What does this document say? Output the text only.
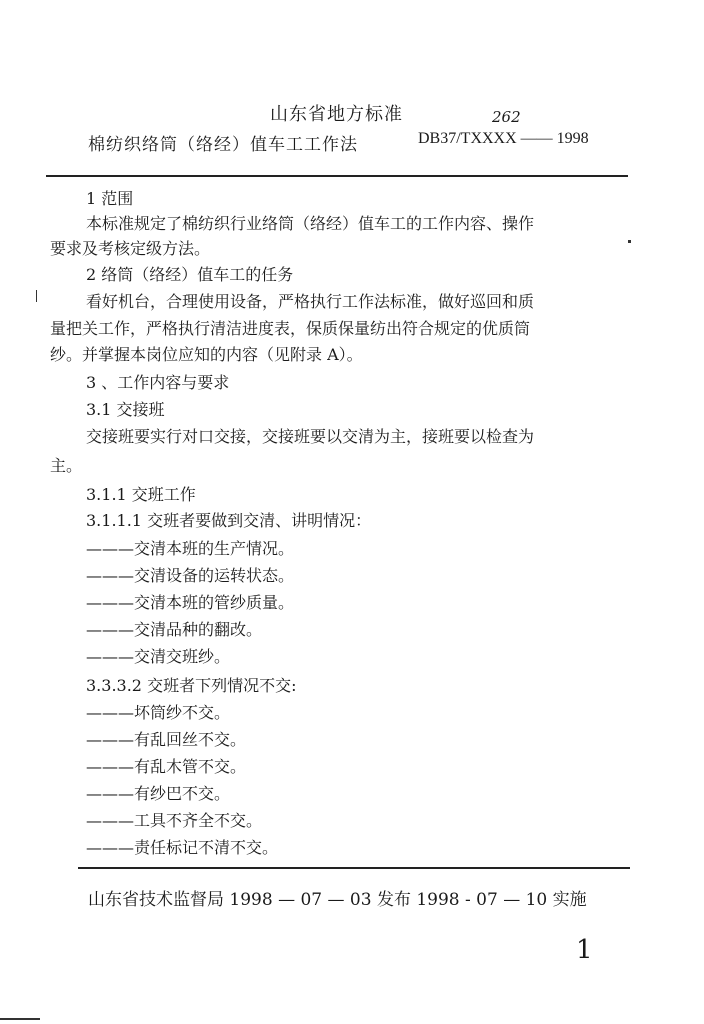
山东省地方标准	262
棉纺织络筒（络经）值车工工作法	DB37/TXXXX —— 1998
1 范围
本标准规定了棉纺织行业络筒（络经）值车工的工作内容、操作
要求及考核定级方法。
2 络筒（络经）值车工的任务
看好机台，合理使用设备，严格执行工作法标准，做好巡回和质
量把关工作，严格执行清洁进度表，保质保量纺出符合规定的优质筒
纱。并掌握本岗位应知的内容（见附录 A）。
3 、工作内容与要求
3.1 交接班
交接班要实行对口交接，交接班要以交清为主，接班要以检查为
主。
3.1.1 交班工作
3.1.1.1 交班者要做到交清、讲明情况：
———交清本班的生产情况。
———交清设备的运转状态。
———交清本班的管纱质量。
———交清品种的翻改。
———交清交班纱。
3.3.3.2 交班者下列情况不交:
———坏筒纱不交。
———有乱回丝不交。
———有乱木管不交。
———有纱巴不交。
———工具不齐全不交。
———责任标记不清不交。
山东省技术监督局 1998 — 07 — 03 发布 1998 - 07 — 10 实施
1
